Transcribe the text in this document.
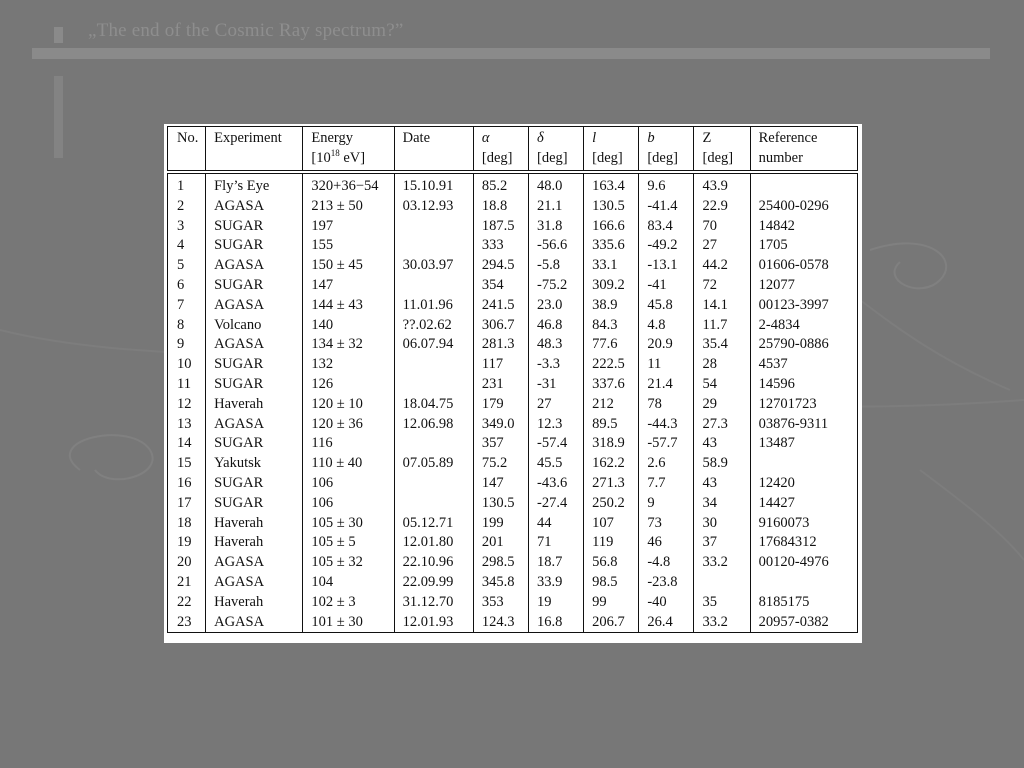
„The end of the Cosmic Ray spectrum?”
No.	Experiment	Energy	Date	α	δ	l	b	Z	Reference
		[$10^{18}$ eV]		[deg]	[deg]	[deg]	[deg]	[deg]	number
1	Fly’s Eye	320+36−54	15.10.91	85.2	48.0	163.4	9.6	43.9	
2	AGASA	213 ± 50	03.12.93	18.8	21.1	130.5	-41.4	22.9	25400-0296
3	SUGAR	197		187.5	31.8	166.6	83.4	70	14842
4	SUGAR	155		333	-56.6	335.6	-49.2	27	1705
5	AGASA	150 ± 45	30.03.97	294.5	-5.8	33.1	-13.1	44.2	01606-0578
6	SUGAR	147		354	-75.2	309.2	-41	72	12077
7	AGASA	144 ± 43	11.01.96	241.5	23.0	38.9	45.8	14.1	00123-3997
8	Volcano	140	??.02.62	306.7	46.8	84.3	4.8	11.7	2-4834
9	AGASA	134 ± 32	06.07.94	281.3	48.3	77.6	20.9	35.4	25790-0886
10	SUGAR	132		117	-3.3	222.5	11	28	4537
11	SUGAR	126		231	-31	337.6	21.4	54	14596
12	Haverah	120 ± 10	18.04.75	179	27	212	78	29	12701723
13	AGASA	120 ± 36	12.06.98	349.0	12.3	89.5	-44.3	27.3	03876-9311
14	SUGAR	116		357	-57.4	318.9	-57.7	43	13487
15	Yakutsk	110 ± 40	07.05.89	75.2	45.5	162.2	2.6	58.9	
16	SUGAR	106		147	-43.6	271.3	7.7	43	12420
17	SUGAR	106		130.5	-27.4	250.2	9	34	14427
18	Haverah	105 ± 30	05.12.71	199	44	107	73	30	9160073
19	Haverah	105 ± 5	12.01.80	201	71	119	46	37	17684312
20	AGASA	105 ± 32	22.10.96	298.5	18.7	56.8	-4.8	33.2	00120-4976
21	AGASA	104	22.09.99	345.8	33.9	98.5	-23.8		
22	Haverah	102 ± 3	31.12.70	353	19	99	-40	35	8185175
23	AGASA	101 ± 30	12.01.93	124.3	16.8	206.7	26.4	33.2	20957-0382
